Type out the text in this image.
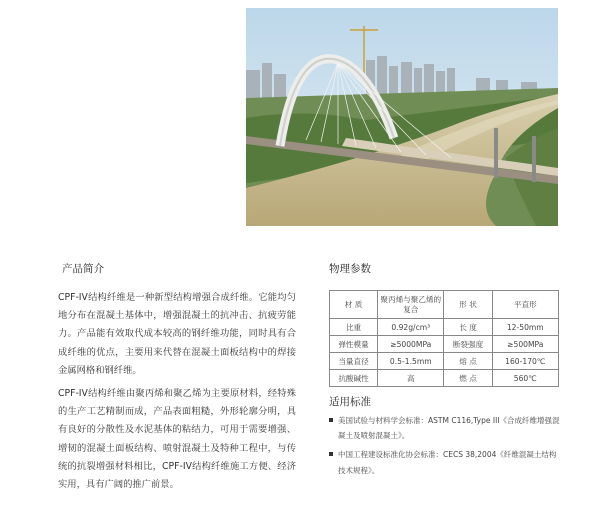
产品简介

CPF-IV结构纤维是一种新型结构增强合成纤维。它能均匀地分布在混凝土基体中，增强混凝土的抗冲击、抗疲劳能力。产品能有效取代成本较高的钢纤维功能，同时具有合成纤维的优点，主要用来代替在混凝土面板结构中的焊接金属网格和钢纤维。

CPF-IV结构纤维由聚丙烯和聚乙烯为主要原材料，经特殊的生产工艺精制而成，产品表面粗糙，外形轮廓分明，具有良好的分散性及水泥基体的粘结力，可用于需要增强、增韧的混凝土面板结构、喷射混凝土及特种工程中，与传统的抗裂增强材料相比，CPF-IV结构纤维施工方便、经济实用，具有广阔的推广前景。

物理参数
材 质	聚丙烯与聚乙烯的复合	形 状	平直形
比重	0.92g/cm³	长 度	12-50mm
弹性模量	≥5000MPa	断裂强度	≥500MPa
当量直径	0.5-1.5mm	熔 点	160-170℃
抗酸碱性	高	燃 点	560℃
适用标准
美国试验与材料学会标准：ASTM C116,Type III《合成纤维增强混凝土及喷射混凝土》。
中国工程建设标准化协会标准：CECS 38,2004《纤维混凝土结构技术规程》。
